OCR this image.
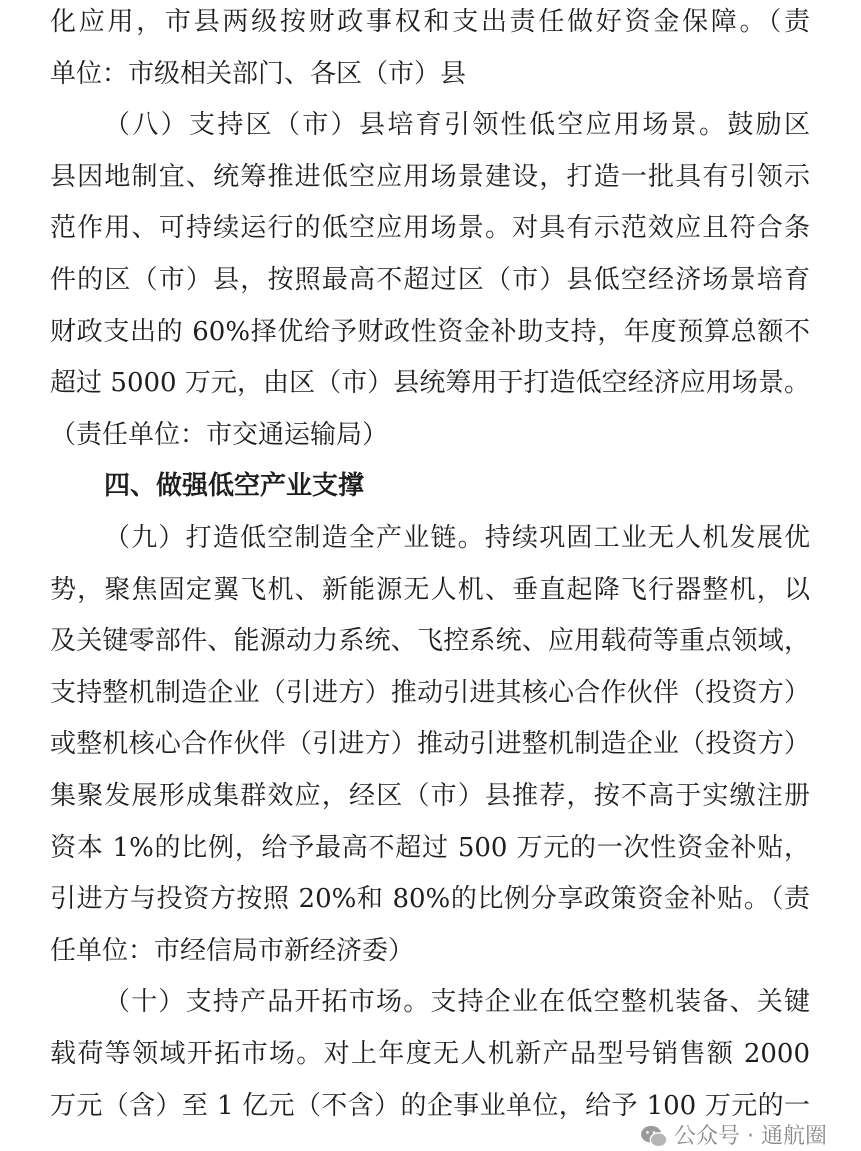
化应用，市县两级按财政事权和支出责任做好资金保障。（责
单位：市级相关部门、各区（市）县
（八）支持区（市）县培育引领性低空应用场景。鼓励区
县因地制宜、统筹推进低空应用场景建设，打造一批具有引领示
范作用、可持续运行的低空应用场景。对具有示范效应且符合条
件的区（市）县，按照最高不超过区（市）县低空经济场景培育
财政支出的 60%择优给予财政性资金补助支持，年度预算总额不
超过 5000 万元，由区（市）县统筹用于打造低空经济应用场景。
（责任单位：市交通运输局）
四、做强低空产业支撑
（九）打造低空制造全产业链。持续巩固工业无人机发展优
势，聚焦固定翼飞机、新能源无人机、垂直起降飞行器整机，以
及关键零部件、能源动力系统、飞控系统、应用载荷等重点领域，
支持整机制造企业（引进方）推动引进其核心合作伙伴（投资方）
或整机核心合作伙伴（引进方）推动引进整机制造企业（投资方）
集聚发展形成集群效应，经区（市）县推荐，按不高于实缴注册
资本 1%的比例，给予最高不超过 500 万元的一次性资金补贴，
引进方与投资方按照 20%和 80%的比例分享政策资金补贴。（责
任单位：市经信局市新经济委）
（十）支持产品开拓市场。支持企业在低空整机装备、关键
载荷等领域开拓市场。对上年度无人机新产品型号销售额 2000
万元（含）至 1 亿元（不含）的企事业单位，给予 100 万元的一
公众号 · 通航圈
